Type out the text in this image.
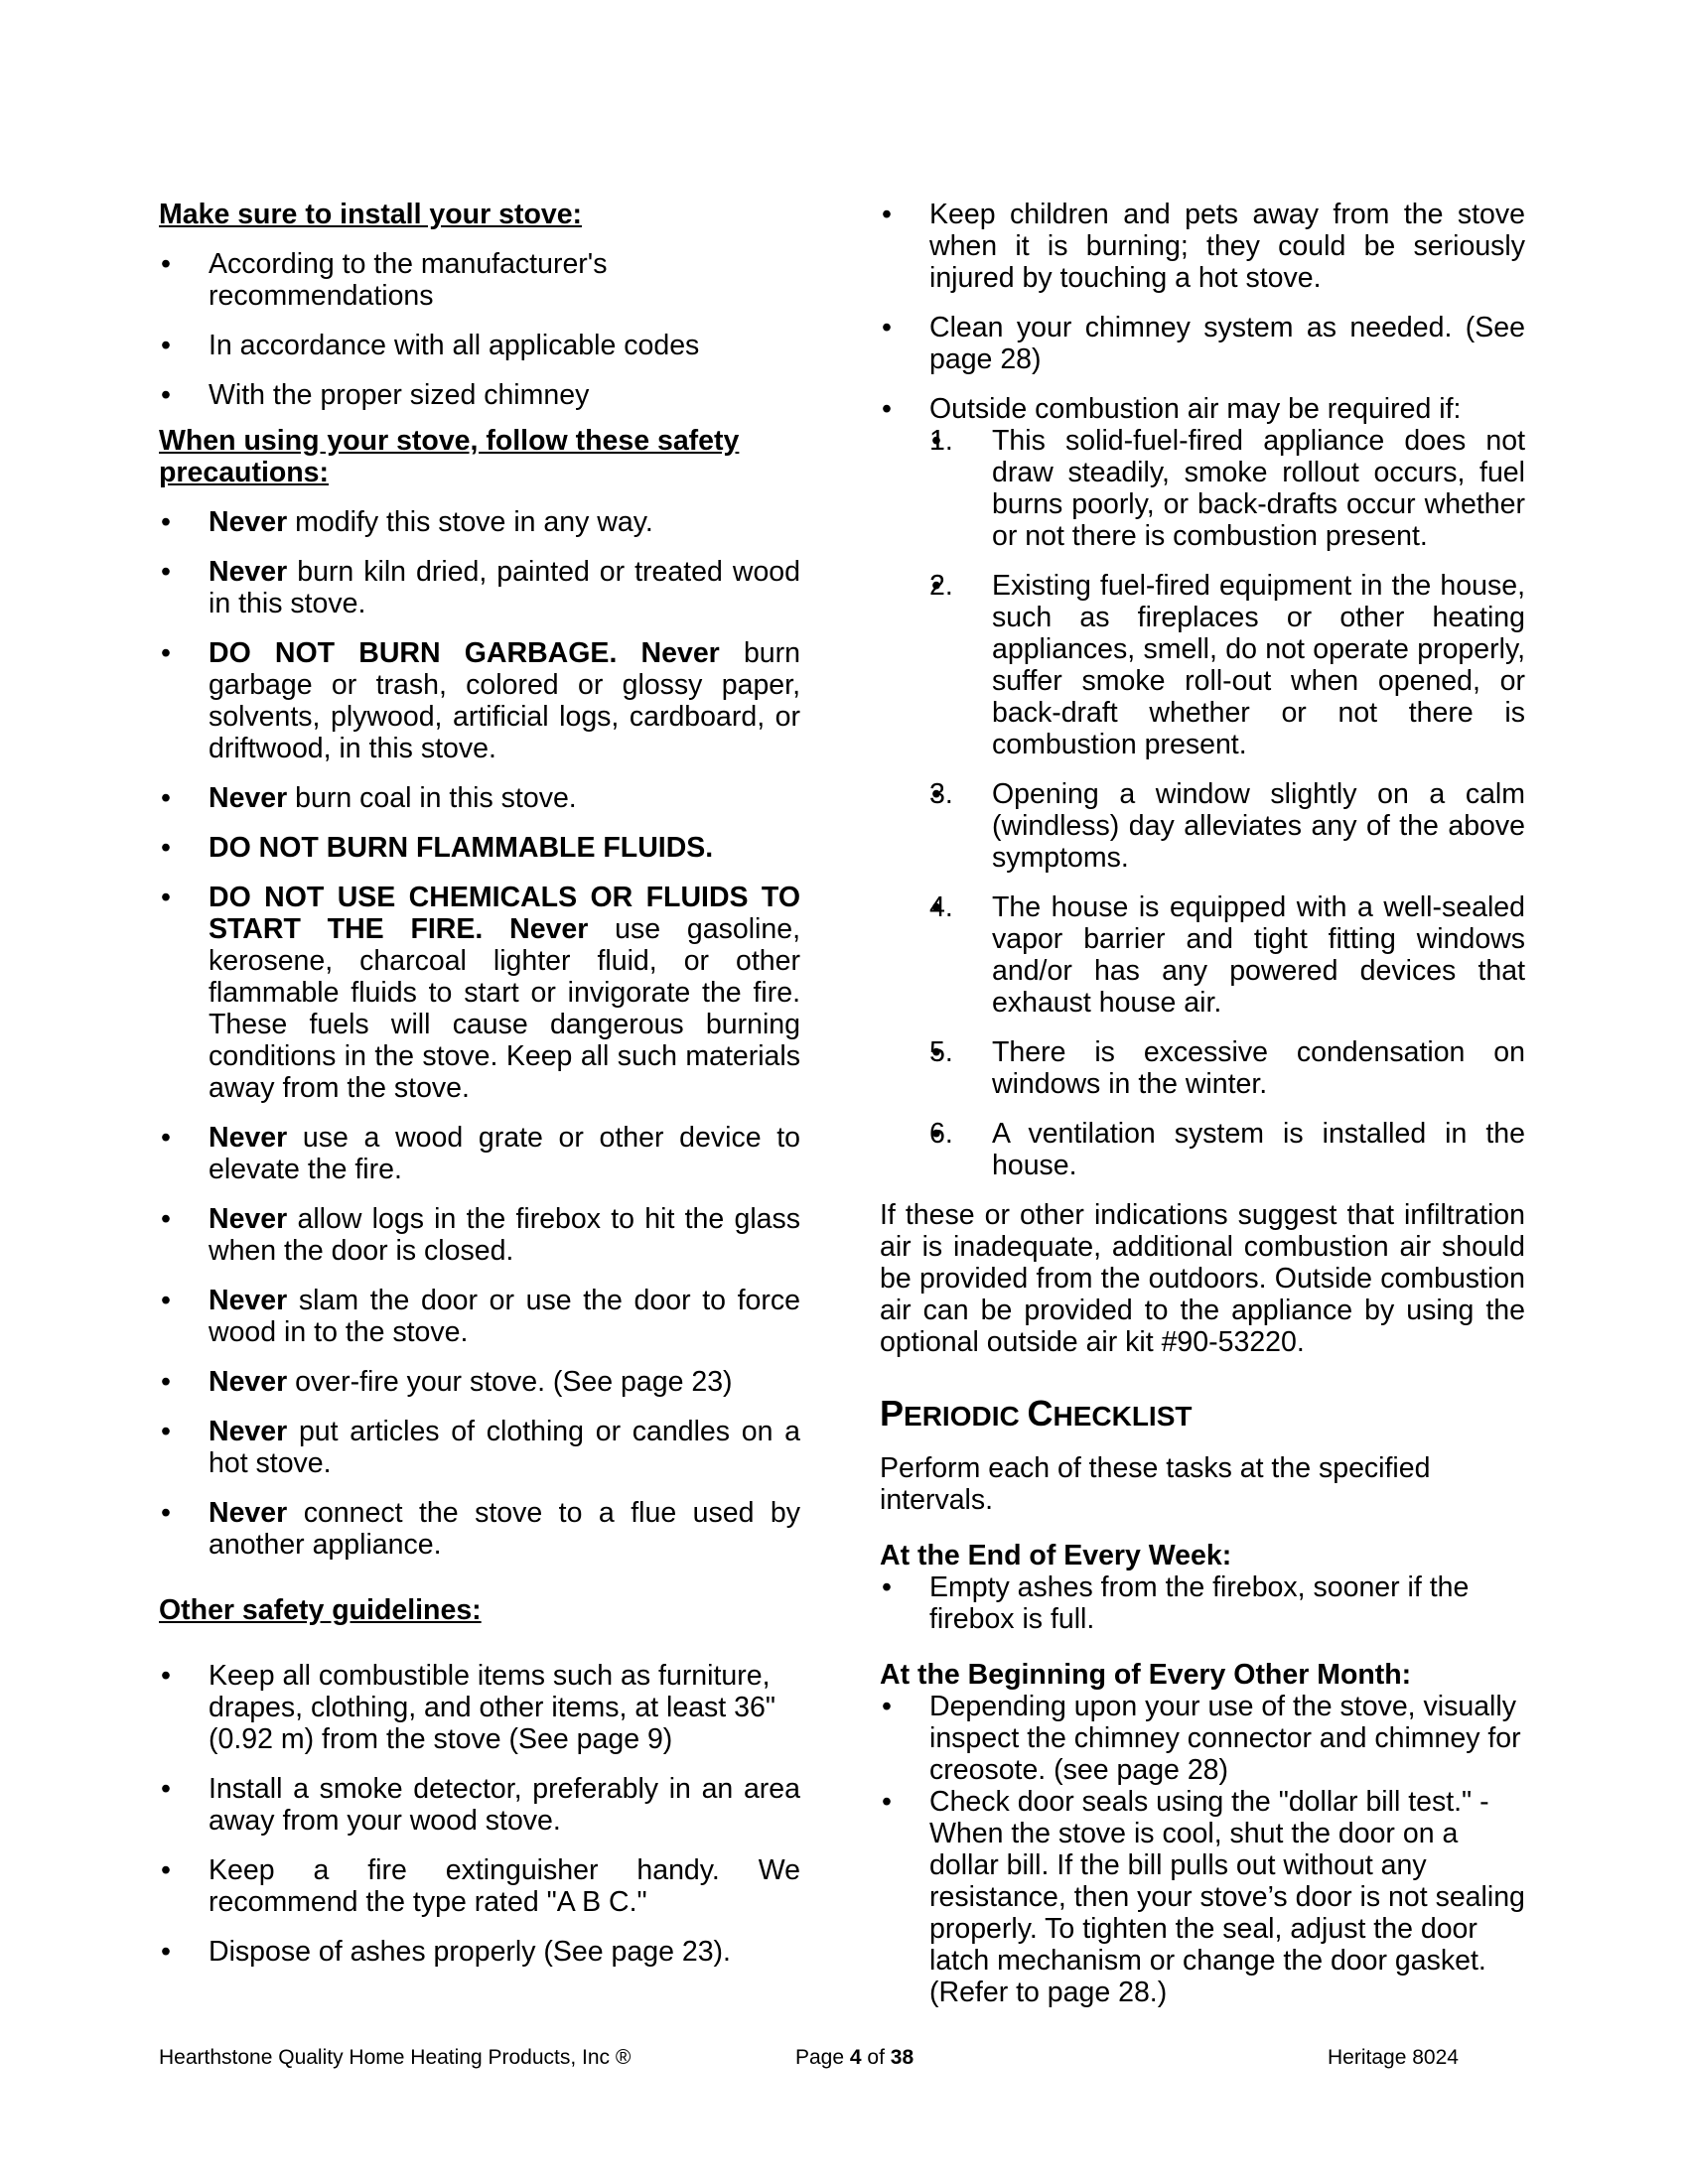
Make sure to install your stove:

• According to the manufacturer's recommendations
• In accordance with all applicable codes
• With the proper sized chimney

When using your stove, follow these safety precautions:

• Never modify this stove in any way.
• Never burn kiln dried, painted or treated wood in this stove.
• DO NOT BURN GARBAGE. Never burn garbage or trash, colored or glossy paper, solvents, plywood, artificial logs, cardboard, or driftwood, in this stove.
• Never burn coal in this stove.
• DO NOT BURN FLAMMABLE FLUIDS.
• DO NOT USE CHEMICALS OR FLUIDS TO START THE FIRE. Never use gasoline, kerosene, charcoal lighter fluid, or other flammable fluids to start or invigorate the fire. These fuels will cause dangerous burning conditions in the stove. Keep all such materials away from the stove.
• Never use a wood grate or other device to elevate the fire.
• Never allow logs in the firebox to hit the glass when the door is closed.
• Never slam the door or use the door to force wood in to the stove.
• Never over-fire your stove. (See page 23)
• Never put articles of clothing or candles on a hot stove.
• Never connect the stove to a flue used by another appliance.

Other safety guidelines:

• Keep all combustible items such as furniture, drapes, clothing, and other items, at least 36" (0.92 m) from the stove (See page 9)
• Install a smoke detector, preferably in an area away from your wood stove.
• Keep a fire extinguisher handy. We recommend the type rated "A B C."
• Dispose of ashes properly (See page 23).
• Keep children and pets away from the stove when it is burning; they could be seriously injured by touching a hot stove.
• Clean your chimney system as needed. (See page 28)
• Outside combustion air may be required if:
• 1. This solid-fuel-fired appliance does not draw steadily, smoke rollout occurs, fuel burns poorly, or back-drafts occur whether or not there is combustion present.
• 2. Existing fuel-fired equipment in the house, such as fireplaces or other heating appliances, smell, do not operate properly, suffer smoke roll-out when opened, or back-draft whether or not there is combustion present.
• 3. Opening a window slightly on a calm (windless) day alleviates any of the above symptoms.
• 4. The house is equipped with a well-sealed vapor barrier and tight fitting windows and/or has any powered devices that exhaust house air.
• 5. There is excessive condensation on windows in the winter.
• 6. A ventilation system is installed in the house.

If these or other indications suggest that infiltration air is inadequate, additional combustion air should be provided from the outdoors. Outside combustion air can be provided to the appliance by using the optional outside air kit #90-53220.

PERIODIC CHECKLIST

Perform each of these tasks at the specified intervals.

At the End of Every Week:

• Empty ashes from the firebox, sooner if the firebox is full.

At the Beginning of Every Other Month:

• Depending upon your use of the stove, visually inspect the chimney connector and chimney for creosote. (see page 28)
• Check door seals using the "dollar bill test." - When the stove is cool, shut the door on a dollar bill. If the bill pulls out without any resistance, then your stove’s door is not sealing properly. To tighten the seal, adjust the door latch mechanism or change the door gasket. (Refer to page 28.)
Hearthstone Quality Home Heating Products, Inc ®	Page 4 of 38	Heritage 8024
